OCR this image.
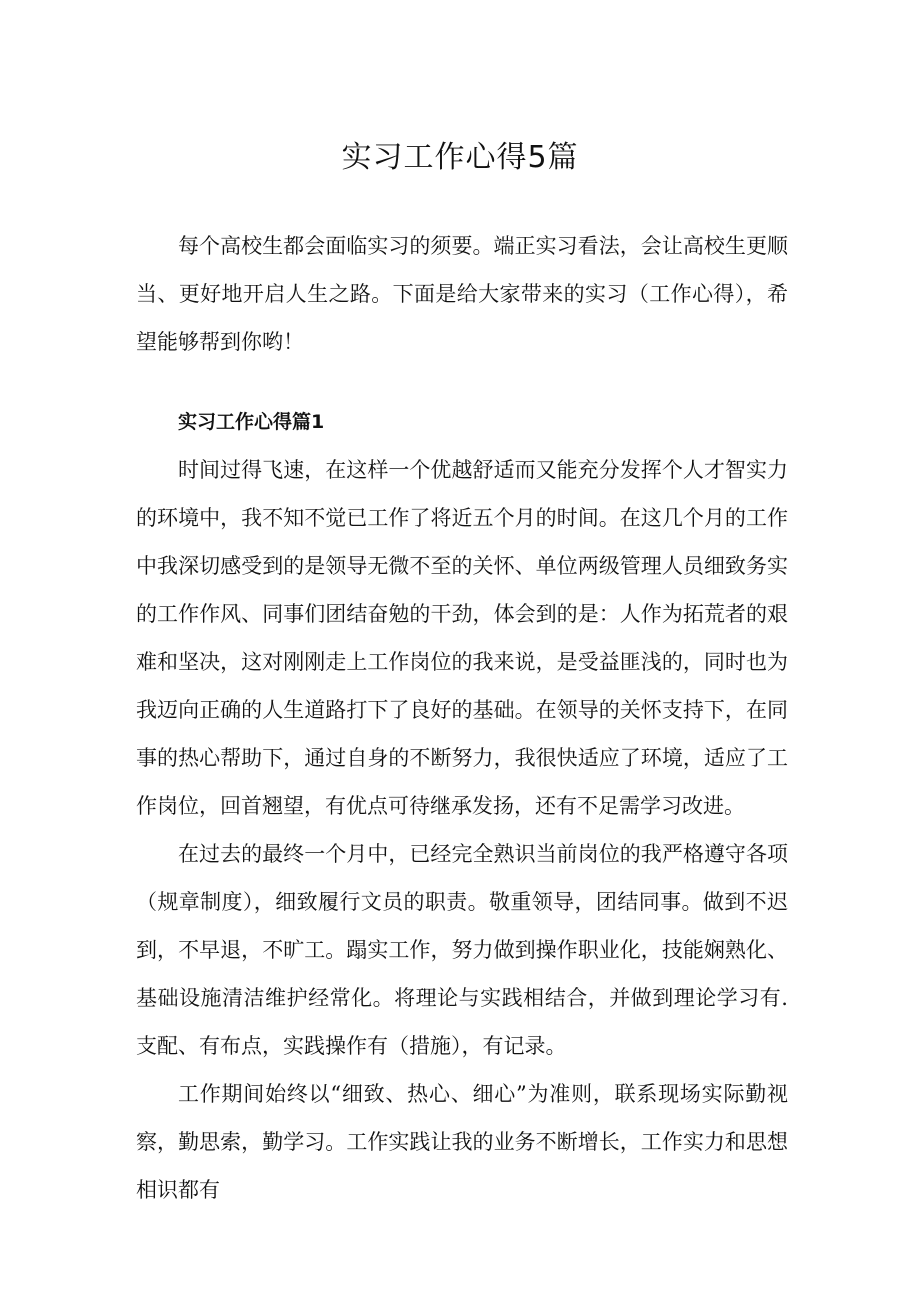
实习工作心得5篇

每个高校生都会面临实习的须要。端正实习看法，会让高校生更顺当、更好地开启人生之路。下面是给大家带来的实习（工作心得），希望能够帮到你哟！

实习工作心得篇1

时间过得飞速，在这样一个优越舒适而又能充分发挥个人才智实力的环境中，我不知不觉已工作了将近五个月的时间。在这几个月的工作中我深切感受到的是领导无微不至的关怀、单位两级管理人员细致务实的工作作风、同事们团结奋勉的干劲，体会到的是：人作为拓荒者的艰难和坚决，这对刚刚走上工作岗位的我来说，是受益匪浅的，同时也为我迈向正确的人生道路打下了良好的基础。在领导的关怀支持下，在同事的热心帮助下，通过自身的不断努力，我很快适应了环境，适应了工作岗位，回首翘望，有优点可待继承发扬，还有不足需学习改进。

在过去的最终一个月中，已经完全熟识当前岗位的我严格遵守各项（规章制度），细致履行文员的职责。敬重领导，团结同事。做到不迟到，不早退，不旷工。蹋实工作，努力做到操作职业化，技能娴熟化、基础设施清洁维护经常化。将理论与实践相结合，并做到理论学习有.支配、有布点，实践操作有（措施），有记录。

工作期间始终以“细致、热心、细心”为准则，联系现场实际勤视察，勤思索，勤学习。工作实践让我的业务不断增长，工作实力和思想相识都有
